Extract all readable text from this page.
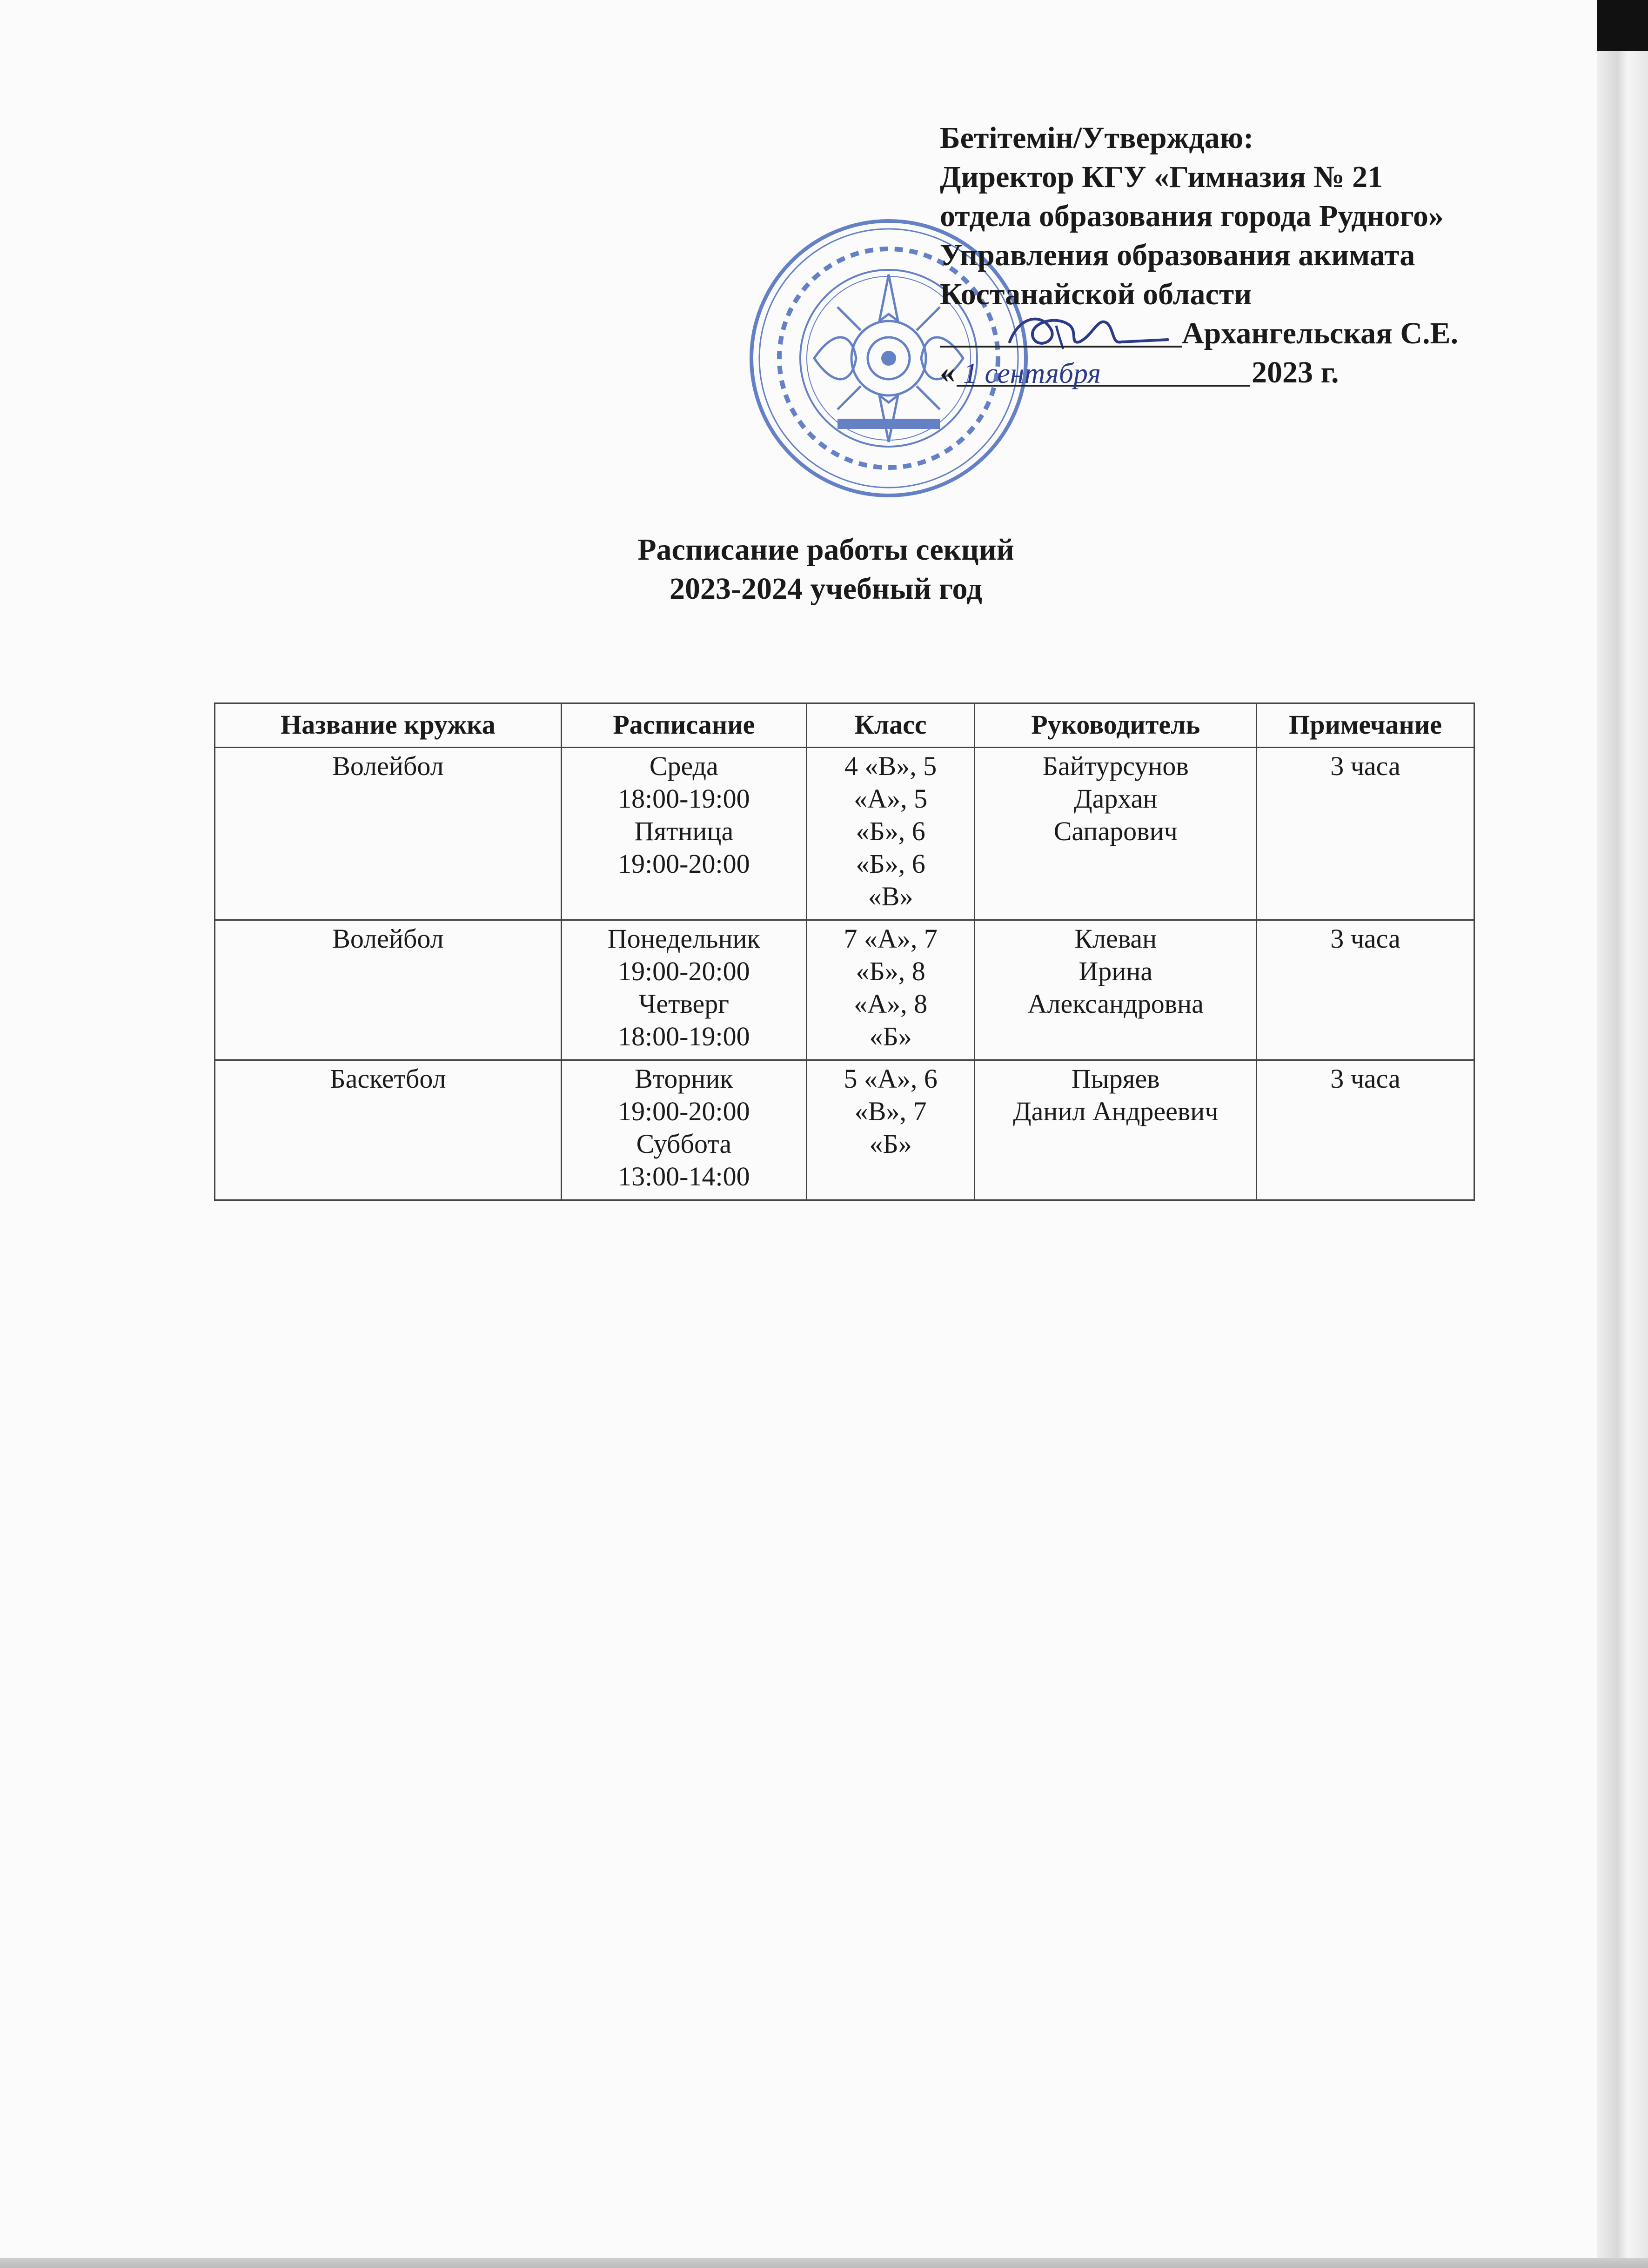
Бетітемін/Утверждаю:
Директор КГУ «Гимназия № 21
отдела образования города Рудного»
Управления образования акимата
Костанайской области
Архангельская С.Е.
« 1 сентября	2023 г.
Расписание работы секций
2023-2024 учебный год
Название кружка	Расписание	Класс	Руководитель	Примечание
Волейбол	Среда
18:00-19:00
Пятница
19:00-20:00	4 «В», 5
«А», 5
«Б», 6
«Б», 6
«В»	Байтурсунов
Дархан
Сапарович	3 часа
Волейбол	Понедельник
19:00-20:00
Четверг
18:00-19:00	7 «А», 7
«Б», 8
«А», 8
«Б»	Клеван
Ирина
Александровна	3 часа
Баскетбол	Вторник
19:00-20:00
Суббота
13:00-14:00	5 «А», 6
«В», 7
«Б»	Пыряев
Данил Андреевич	3 часа
